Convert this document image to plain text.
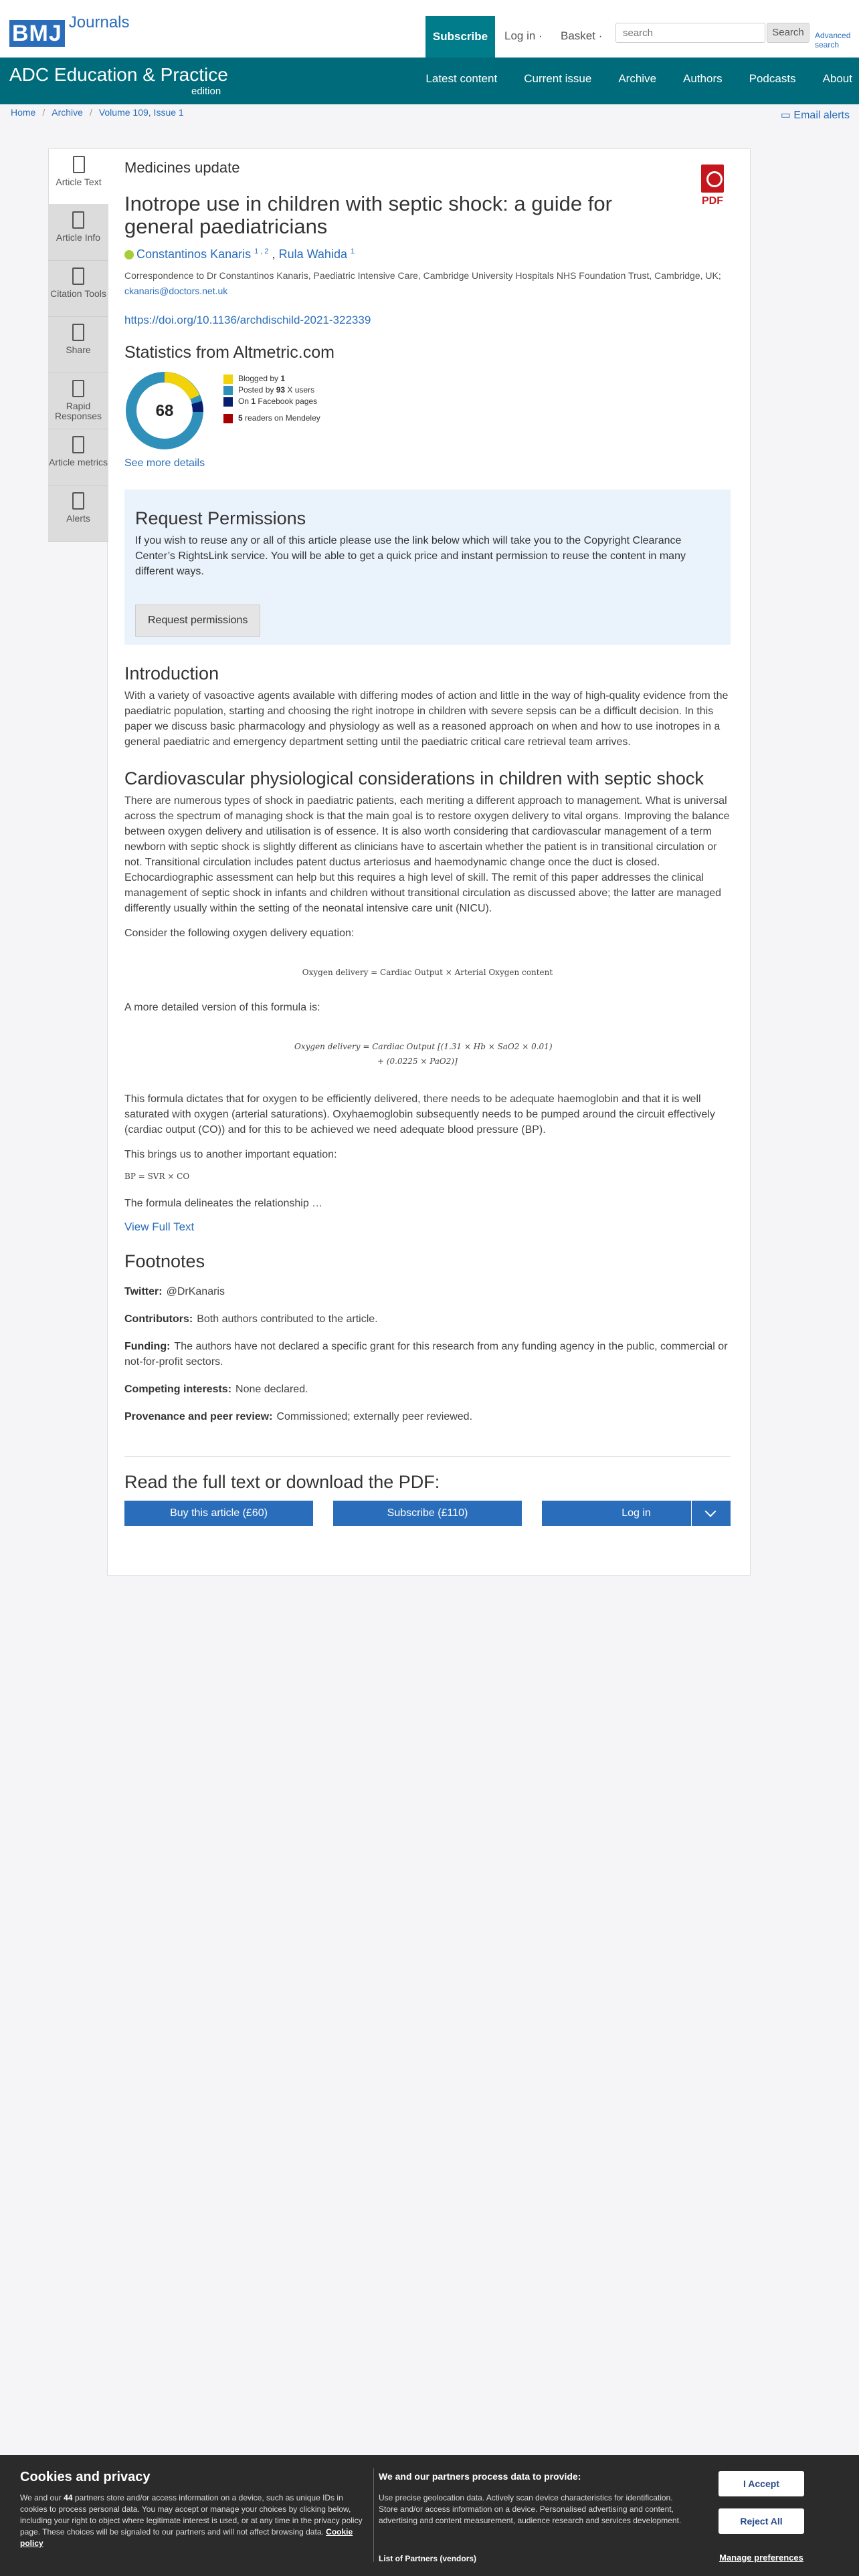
BMJ Journals
Subscribe	Log in · Basket ·
search	Search	Advanced
search
ADC Education & Practice
edition
Latest content Current issue Archive Authors Podcasts About
Home / Archive / Volume 109, Issue 1	▭ Email alerts
Article Text
Article Info
Citation Tools
Share
Rapid Responses
Article metrics
Alerts
PDF
Medicines update
Inotrope use in children with septic shock: a guide for general paediatricians
Constantinos Kanaris $^{1 , 2}$ , Rula Wahida $^1$
Correspondence to Dr Constantinos Kanaris, Paediatric Intensive Care, Cambridge University Hospitals NHS Foundation Trust, Cambridge, UK; ckanaris@doctors.net.uk
https://doi.org/10.1136/archdischild-2021-322339
Statistics from Altmetric.com
68
Blogged by
1
Posted by
93
X users
On
1
Facebook pages
5
readers on Mendeley
See more details
Request Permissions
If you wish to reuse any or all of this article please use the link below which will take you to the Copyright Clearance Center’s RightsLink service. You will be able to get a quick price and instant permission to reuse the content in many different ways.
Request permissions
Introduction

With a variety of vasoactive agents available with differing modes of action and little in the way of high-quality evidence from the paediatric population, starting and choosing the right inotrope in children with severe sepsis can be a difficult decision. In this paper we discuss basic pharmacology and physiology as well as a reasoned approach on when and how to use inotropes in a general paediatric and emergency department setting until the paediatric critical care retrieval team arrives.

Cardiovascular physiological considerations in children with septic shock

There are numerous types of shock in paediatric patients, each meriting a different approach to management. What is universal across the spectrum of managing shock is that the main goal is to restore oxygen delivery to vital organs. Improving the balance between oxygen delivery and utilisation is of essence. It is also worth considering that cardiovascular management of a term newborn with septic shock is slightly different as clinicians have to ascertain whether the patient is in transitional circulation or not. Transitional circulation includes patent ductus arteriosus and haemodynamic change once the duct is closed. Echocardiographic assessment can help but this requires a high level of skill. The remit of this paper addresses the clinical management of septic shock in infants and children without transitional circulation as discussed above; the latter are managed differently usually within the setting of the neonatal intensive care unit (NICU).

Consider the following oxygen delivery equation:

Oxygen delivery = Cardiac Output × Arterial Oxygen content

A more detailed version of this formula is:

Oxygen delivery = Cardiac Output [(1.31 × Hb × SaO2 × 0.01)
+ (0.0225 × PaO2)]

This formula dictates that for oxygen to be efficiently delivered, there needs to be adequate haemoglobin and that it is well saturated with oxygen (arterial saturations). Oxyhaemoglobin subsequently needs to be pumped around the circuit effectively (cardiac output (CO)) and for this to be achieved we need adequate blood pressure (BP).

This brings us to another important equation:

BP = SVR × CO

The formula delineates the relationship …

View Full Text
Footnotes
Twitter: @DrKanaris
Contributors: Both authors contributed to the article.
Funding: The authors have not declared a specific grant for this research from any funding agency in the public, commercial or not-for-profit sectors.
Competing interests: None declared.
Provenance and peer review: Commissioned; externally peer reviewed.
Read the full text or download the PDF:
Buy this article (£60)	Subscribe (£110)	Log in
Cookies and privacy
We and our 44 partners store and/or access information on a device, such as unique IDs in cookies to process personal data. You may accept or manage your choices by clicking below, including your right to object where legitimate interest is used, or at any time in the privacy policy page. These choices will be signaled to our partners and will not affect browsing data. Cookie policy
We and our partners process data to provide:
Use precise geolocation data. Actively scan device characteristics for identification. Store and/or access information on a device. Personalised advertising and content, advertising and content measurement, audience research and services development.
List of Partners (vendors)
I Accept
Reject All
Manage preferences
